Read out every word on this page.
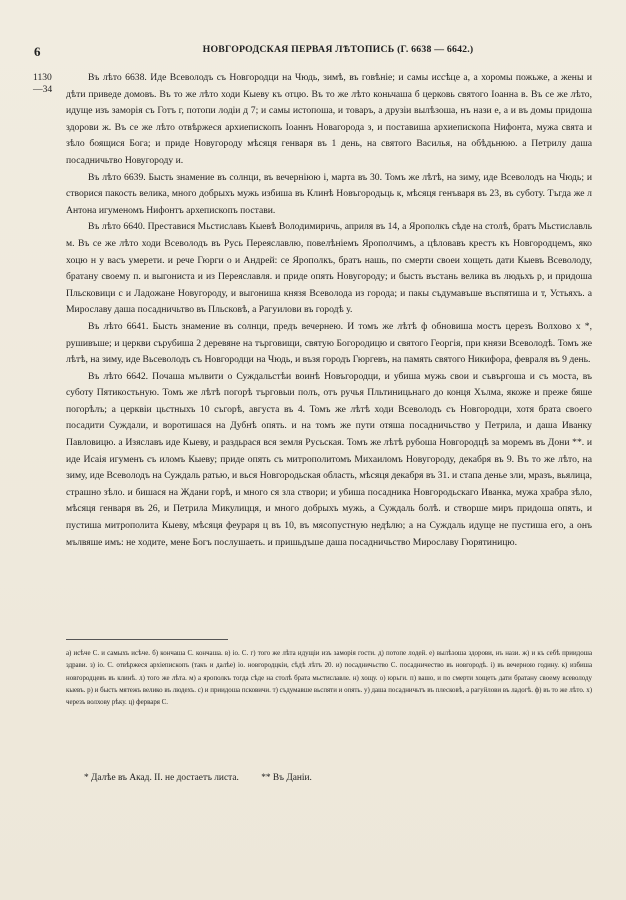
6	НОВГОРОДСКАЯ ПЕРВАЯ ЛѢТОПИСЬ (Г. 6638 — 6642.)
1130
—34

Въ лѣто 6638. Иде Всеволодъ съ Новгородци на Чюдь, зимѣ, въ говѣніе; и самы иссѣце а, а хоромы пожьже, а жены и дѣти приведе домовъ. Въ то же лѣто ходи Кыеву къ отцю. Въ то же лѣто коньчаша б церковь святого Іоанна в. Въ се же лѣто, идуще изъ заморія съ Готъ г, потопи лодіи д 7; и самы истопоша, и товаръ, а друзіи вылѣзоша, нъ нази е, а и въ домы придоша здорови ж. Въ се же лѣто отвѣржеся архиепископъ Іоаннъ Новагорода з, и поставиша архиепископа Нифонта, мужа свята и зѣло боящися Бога; и приде Новугороду мѣсяця генваря въ 1 день, на святого Василья, на обѣдьнюю. а Петрилу даша посадничьтво Новугороду и.

Въ лѣто 6639. Бысть знамение въ солнци, въ вечерніюю і, марта въ 30. Томъ же лѣтѣ, на зиму, иде Всеволодъ на Чюдь; и створися пакость велика, много добрыхъ мужь избиша въ Клинѣ Новъгородьць к, мѣсяця генъваря въ 23, въ суботу. Тъгда же л Антона игуменомъ Нифонтъ архепископъ постави.

Въ лѣто 6640. Преставися Мьстиславъ Кыевѣ Володимиричь, априля въ 14, а Ярополкъ сѣде на столѣ, братъ Мьстиславль м. Въ се же лѣто ходи Всеволодъ въ Русь Переяславлю, повелѣніемъ Ярополчимъ, а цѣловавъ крестъ къ Новгородцемъ, яко хоцю н у васъ умерети. и рече Гюрги о и Андрей: се Ярополкъ, братъ нашь, по смерти своеи хощеть дати Кыевъ Всеволоду, братану своему п. и выгониста и из Переяславля. и приде опять Новугороду; и бысть въстань велика въ людьхъ р, и придоша Пльсковици с и Ладожане Новугороду, и выгониша князя Всеволода из города; и пакы съдумавъше въспятиша и т, Устьяхъ. а Мирославу даша посадничьтво въ Пльсковѣ, а Рагуилови въ городѣ у.

Въ лѣто 6641. Бысть знамение въ солнци, предъ вечернею. И томъ же лѣтѣ ф обновиша мостъ церезъ Волхово х *, рушивъше; и церкви сърубиша 2 деревяне на търговищи, святую Богородицю и святого Георгія, при князи Всеволодѣ. Томъ же лѣтѣ, на зиму, иде Вьсеволодъ съ Новгородци на Чюдь, и възя городъ Гюргевъ, на память святого Никифора, февраля въ 9 день.

Въ лѣто 6642. Почаша мълвити о Суждальстѣи воинѣ Новъгородци, и убиша мужь свои и съвъргоша и съ моста, въ суботу Пятикостьную. Томъ же лѣтѣ погорѣ търговыи полъ, отъ ручья Пльтиницьнаго до конця Хълма, якоже и преже бяше погорѣлъ; а церквіи цьстныхъ 10 съгорѣ, августа въ 4. Томъ же лѣтѣ ходи Всеволодъ съ Новгородци, хотя брата своего посадити Суждали, и воротишася на Дубнѣ опять. и на томъ же пути отяша посадничьство у Петрила, и даша Иванку Павловицю. а Изяславъ иде Кыеву, и раздьрася вся земля Русьская. Томъ же лѣтѣ рубоша Новгородцѣ за моремъ въ Дони **. и иде Исаія игуменъ съ иломъ Кыеву; приде опять съ митрополитомъ Михаиломъ Новугороду, декабря въ 9. Въ то же лѣто, на зиму, иде Всеволодъ на Суждаль ратью, и вься Новгородьская область, мѣсяця декабря въ 31. и стапа денье зли, мразъ, вьялица, страшно зѣло. и бишася на Ждани горѣ, и много ся зла створи; и убиша посадника Новгородьскаго Иванка, мужа храбра зѣло, мѣсяця генваря въ 26, и Петрила Микулицця, и много добрыхъ мужь, а Суждаль болѣ. и створше миръ придоша опять, и пустиша митрополита Кыеву, мѣсяця феураря ц въ 10, въ мясопустную недѣлю; а на Суждаль идуще не пустиша его, а онъ мълвяше имъ: не ходите, мене Богъ послушаеть. и пришьдъше даша посадничьство Мирославу Гюрятиницю.

а) исѣче С. и самыхъ исѣче. б) кончаша С. кончаша. в) іо. С. г) того же лѣта идущіи изъ заморія гости. д) потопе лодей. е) вылѣзоша здорови, нъ нази. ж) и къ себѣ приидоша здрави. з) іо. С. отвѣржеся архіепископъ (такъ и далѣе) іо. новгородцкіи, сѣдѣ лѣтъ 20. и) посадничьство С. посадничество въ новгородѣ. і) въ вечерною годину. к) избиша новгородцевъ въ клинѣ. л) того же лѣта. м) а ярополкъ тогда сѣде на столѣ брата мьстиславле. н) хощу. о) юрьги. п) вашо, и по смерти хощеть дати братану своему всеволоду кыевъ. р) и бысть мятежъ велико въ людехъ. с) и приидоша псковичи. т) съдумавше вьспяти и опять. у) даша посадничьтъ въ плесковѣ, а рагуйлови въ ладогѣ. ф) въ то же лѣто. х) черезъ волхову рѣку. ц) ферваря С.

* Далѣе въ Акад. II. не достаетъ листа. ** Въ Даніи.
